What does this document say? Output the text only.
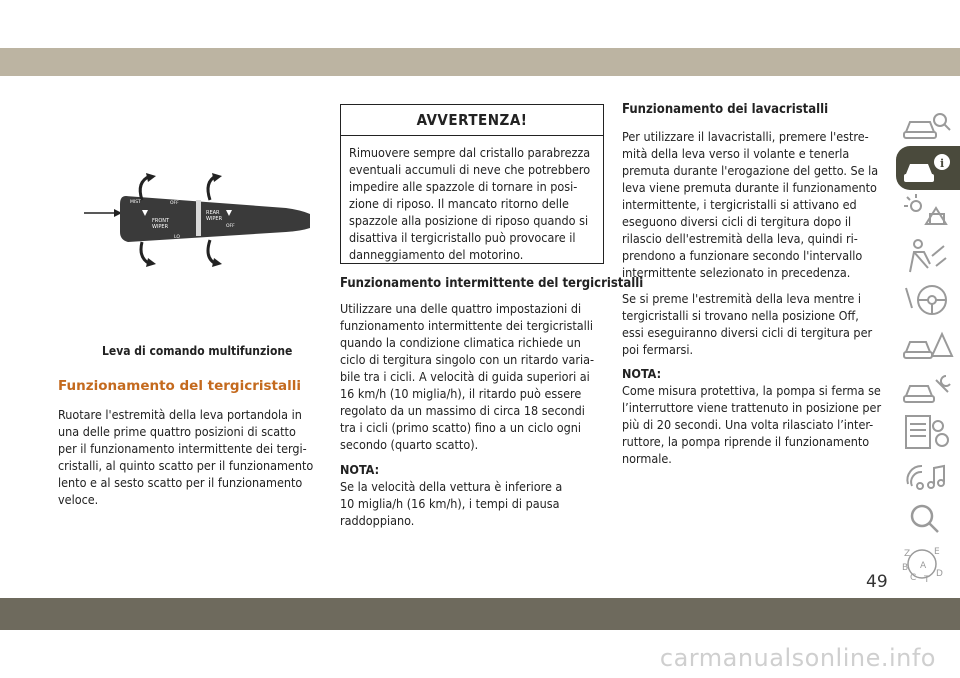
MIST
RESET
OFF
FRONT
WIPER
REAR
WIPER
LO
OFF
Leva di comando multifunzione
Funzionamento del tergicristalli

Ruotare l'estremità della leva portandola in

una delle prime quattro posizioni di scatto

per il funzionamento intermittente dei tergi-

cristalli, al quinto scatto per il funzionamento

lento e al sesto scatto per il funzionamento

veloce.

AVVERTENZA!
Rimuovere sempre dal cristallo parabrezza
eventuali accumuli di neve che potrebbero
impedire alle spazzole di tornare in posi-
zione di riposo. Il mancato ritorno delle
spazzole alla posizione di riposo quando si
disattiva il tergicristallo può provocare il
danneggiamento del motorino.
Funzionamento intermittente del tergicristalli

Utilizzare una delle quattro impostazioni di

funzionamento intermittente dei tergicristalli

quando la condizione climatica richiede un

ciclo di tergitura singolo con un ritardo varia-

bile tra i cicli. A velocità di guida superiori ai

16 km/h (10 miglia/h), il ritardo può essere

regolato da un massimo di circa 18 secondi

tra i cicli (primo scatto) fino a un ciclo ogni

secondo (quarto scatto).

NOTA:

Se la velocità della vettura è inferiore a

10 miglia/h (16 km/h), i tempi di pausa

raddoppiano.

Funzionamento dei lavacristalli

Per utilizzare il lavacristalli, premere l'estre-

mità della leva verso il volante e tenerla

premuta durante l'erogazione del getto. Se la

leva viene premuta durante il funzionamento

intermittente, i tergicristalli si attivano ed

eseguono diversi cicli di tergitura dopo il

rilascio dell'estremità della leva, quindi ri-

prendono a funzionare secondo l'intervallo

intermittente selezionato in precedenza.

Se si preme l'estremità della leva mentre i

tergicristalli si trovano nella posizione Off,

essi eseguiranno diversi cicli di tergitura per

poi fermarsi.

NOTA:

Come misura protettiva, la pompa si ferma se

l’interruttore viene trattenuto in posizione per

più di 20 secondi. Una volta rilasciato l’inter-

ruttore, la pompa riprende il funzionamento

normale.

i
Z	E
B A
C T
D
49
carmanualsonline.info
